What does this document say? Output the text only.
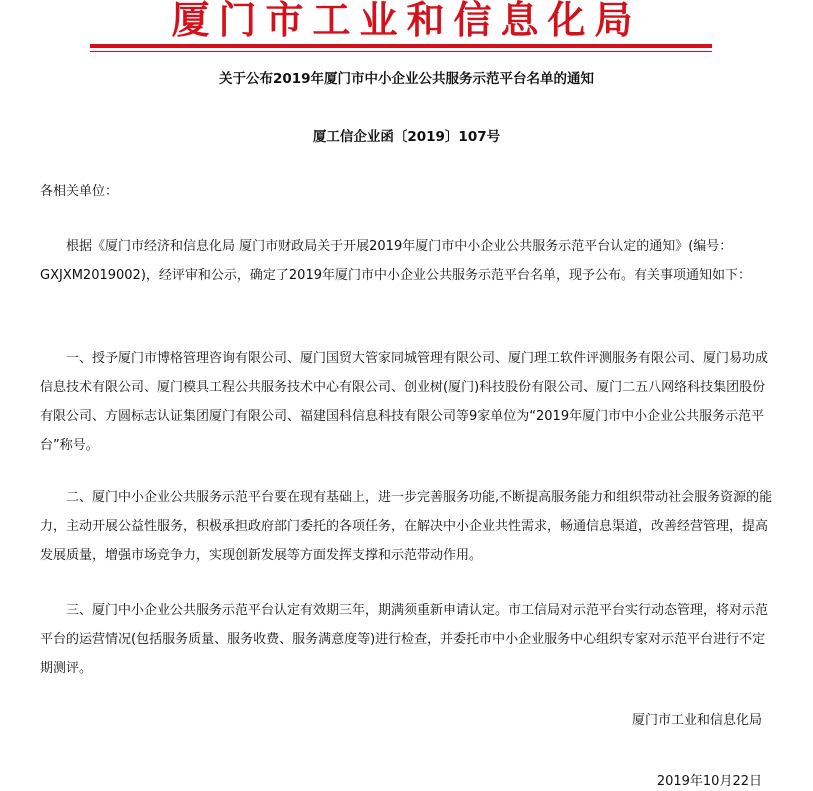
厦门市工业和信息化局
关于公布2019年厦门市中小企业公共服务示范平台名单的通知
厦工信企业函〔2019〕107号
各相关单位：

根据《厦门市经济和信息化局 厦门市财政局关于开展2019年厦门市中小企业公共服务示范平台认定的通知》(编号：GXJXM2019002)，经评审和公示，确定了2019年厦门市中小企业公共服务示范平台名单，现予公布。有关事项通知如下：

一、授予厦门市博格管理咨询有限公司、厦门国贸大管家同城管理有限公司、厦门理工软件评测服务有限公司、厦门易功成信息技术有限公司、厦门模具工程公共服务技术中心有限公司、创业树(厦门)科技股份有限公司、厦门二五八网络科技集团股份有限公司、方圆标志认证集团厦门有限公司、福建国科信息科技有限公司等9家单位为“2019年厦门市中小企业公共服务示范平台”称号。

二、厦门中小企业公共服务示范平台要在现有基础上，进一步完善服务功能,不断提高服务能力和组织带动社会服务资源的能力，主动开展公益性服务，积极承担政府部门委托的各项任务，在解决中小企业共性需求，畅通信息渠道，改善经营管理，提高发展质量，增强市场竞争力，实现创新发展等方面发挥支撑和示范带动作用。

三、厦门中小企业公共服务示范平台认定有效期三年，期满须重新申请认定。市工信局对示范平台实行动态管理，将对示范平台的运营情况(包括服务质量、服务收费、服务满意度等)进行检查，并委托市中小企业服务中心组织专家对示范平台进行不定期测评。

厦门市工业和信息化局
2019年10月22日
